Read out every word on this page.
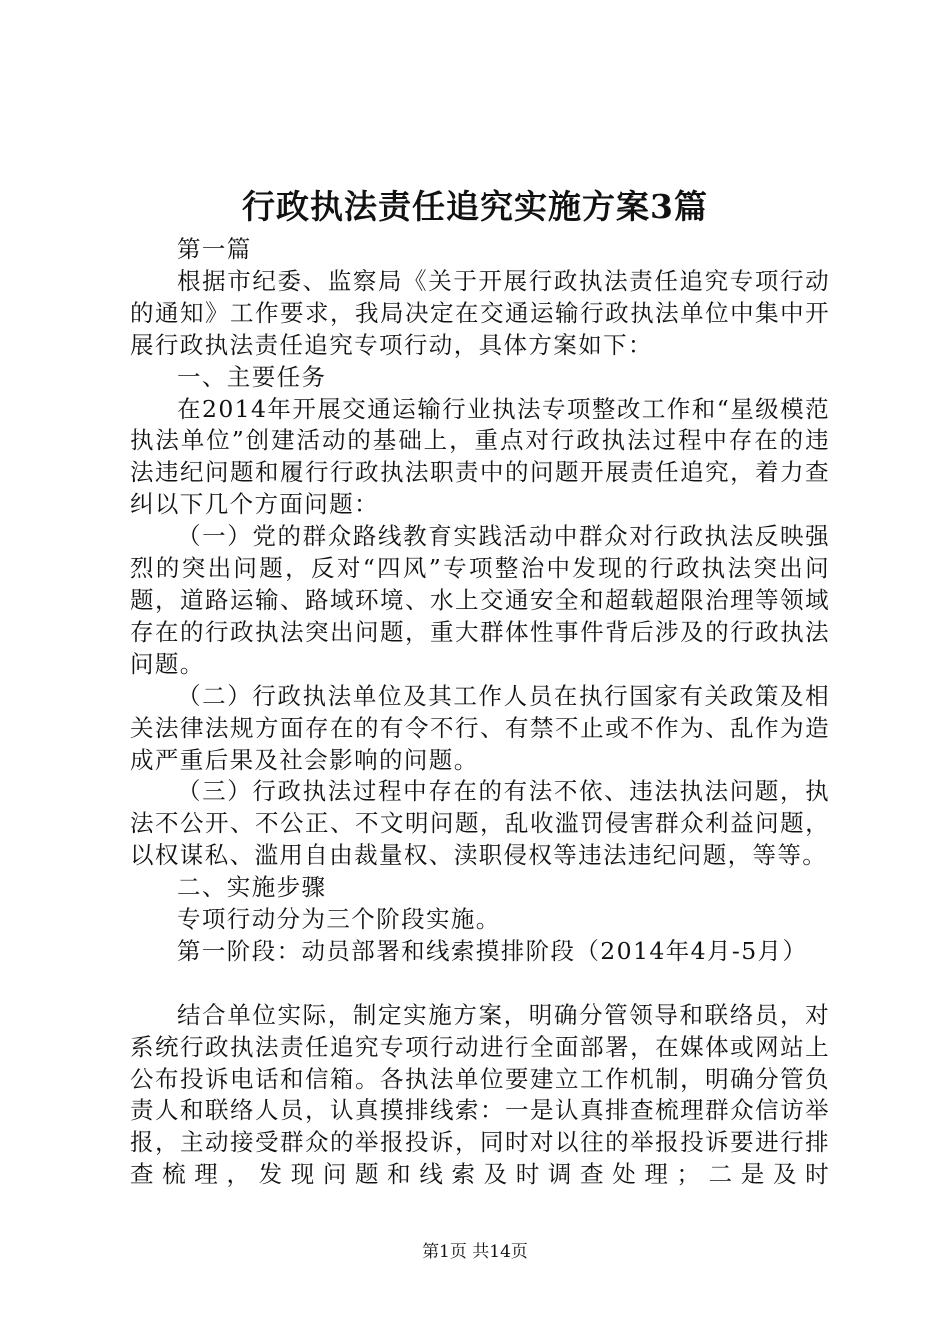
行政执法责任追究实施方案3篇

第一篇

根据市纪委、监察局《关于开展行政执法责任追究专项行动的通知》工作要求，我局决定在交通运输行政执法单位中集中开展行政执法责任追究专项行动，具体方案如下：

一、主要任务

在2014年开展交通运输行业执法专项整改工作和“星级模范执法单位”创建活动的基础上，重点对行政执法过程中存在的违法违纪问题和履行行政执法职责中的问题开展责任追究，着力查纠以下几个方面问题：

（一）党的群众路线教育实践活动中群众对行政执法反映强烈的突出问题，反对“四风”专项整治中发现的行政执法突出问题，道路运输、路域环境、水上交通安全和超载超限治理等领域存在的行政执法突出问题，重大群体性事件背后涉及的行政执法问题。

（二）行政执法单位及其工作人员在执行国家有关政策及相关法律法规方面存在的有令不行、有禁不止或不作为、乱作为造成严重后果及社会影响的问题。

（三）行政执法过程中存在的有法不依、违法执法问题，执法不公开、不公正、不文明问题，乱收滥罚侵害群众利益问题，以权谋私、滥用自由裁量权、渎职侵权等违法违纪问题，等等。

二、实施步骤

专项行动分为三个阶段实施。

第一阶段：动员部署和线索摸排阶段（2014年4月-5月）

结合单位实际，制定实施方案，明确分管领导和联络员，对系统行政执法责任追究专项行动进行全面部署，在媒体或网站上公布投诉电话和信箱。各执法单位要建立工作机制，明确分管负责人和联络人员，认真摸排线索：一是认真排查梳理群众信访举报，主动接受群众的举报投诉，同时对以往的举报投诉要进行排查梳理，发现问题和线索及时调查处理；二是及时

第1页 共14页
